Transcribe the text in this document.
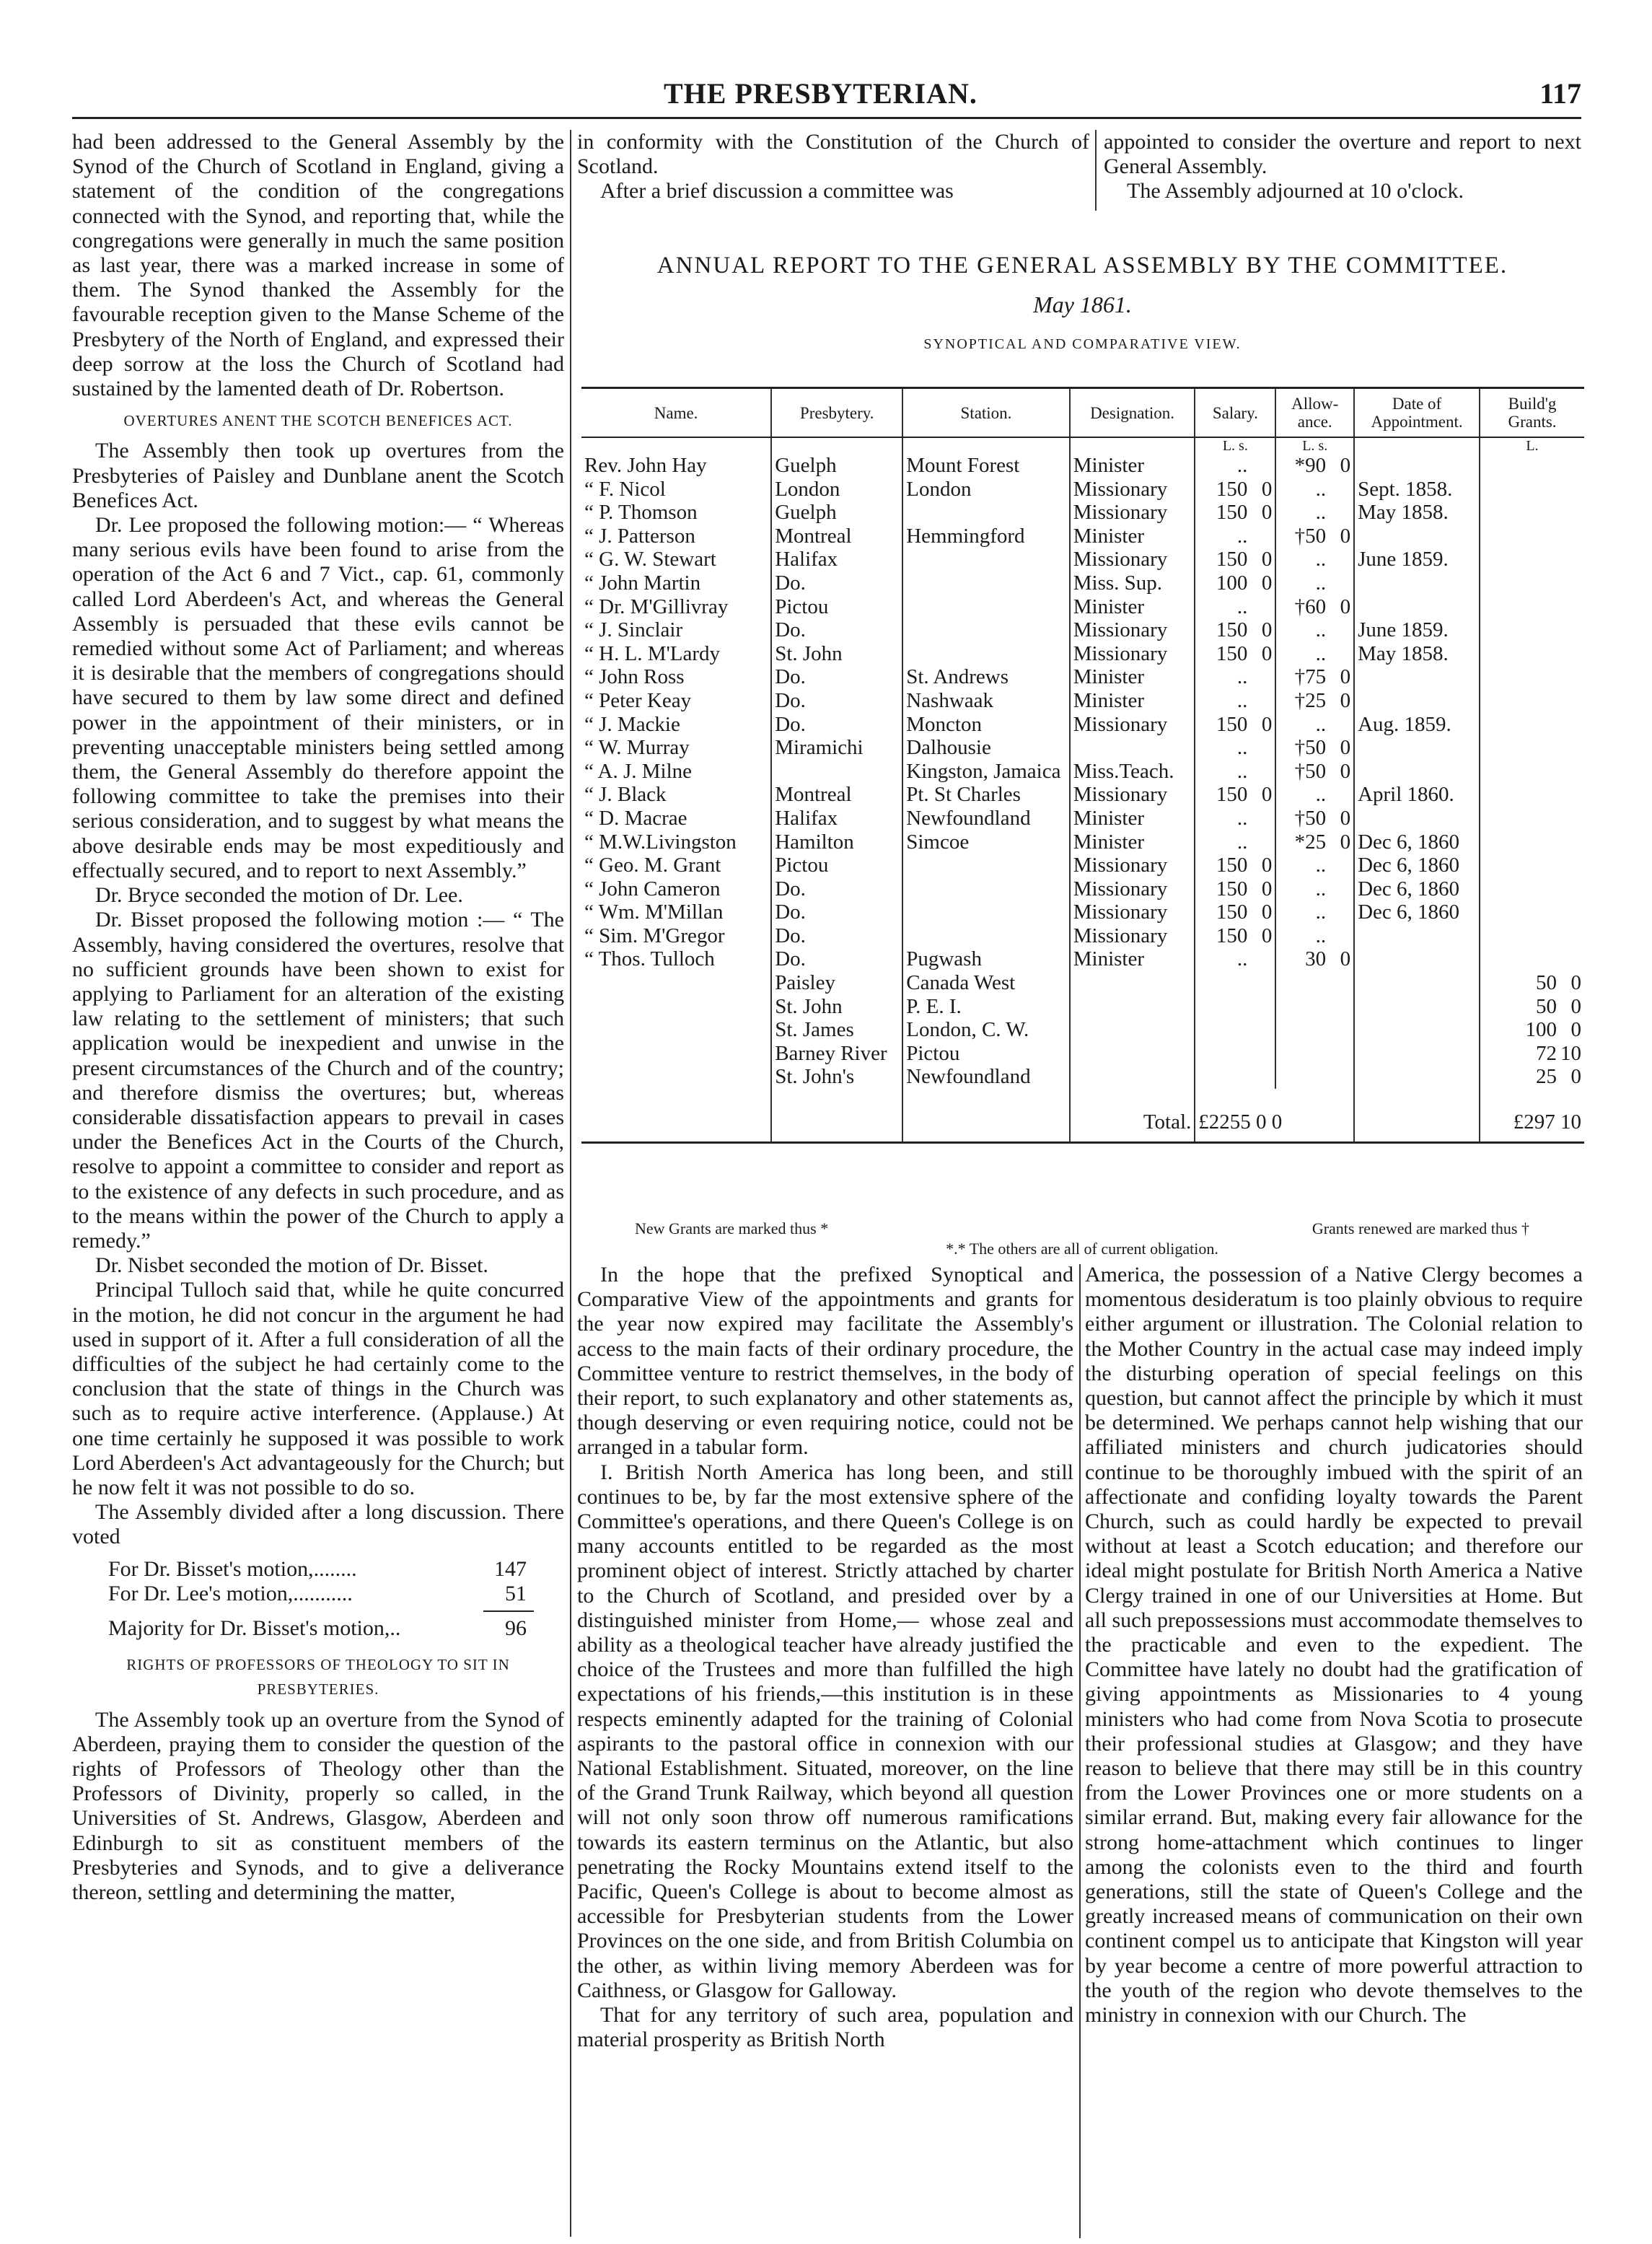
THE PRESBYTERIAN.	117

had been addressed to the General Assembly by the Synod of the Church of Scotland in England, giving a statement of the condition of the congregations connected with the Synod, and reporting that, while the congregations were generally in much the same position as last year, there was a marked increase in some of them. The Synod thanked the Assembly for the favourable reception given to the Manse Scheme of the Presbytery of the North of England, and expressed their deep sorrow at the loss the Church of Scotland had sustained by the lamented death of Dr. Robertson.

OVERTURES ANENT THE SCOTCH BENEFICES ACT.

The Assembly then took up overtures from the Presbyteries of Paisley and Dunblane anent the Scotch Benefices Act.

Dr. Lee proposed the following motion:— “ Whereas many serious evils have been found to arise from the operation of the Act 6 and 7 Vict., cap. 61, commonly called Lord Aberdeen's Act, and whereas the General Assembly is persuaded that these evils cannot be remedied without some Act of Parliament; and whereas it is desirable that the members of congregations should have secured to them by law some direct and defined power in the appointment of their ministers, or in preventing unacceptable ministers being settled among them, the General Assembly do therefore appoint the following committee to take the premises into their serious consideration, and to suggest by what means the above desirable ends may be most expeditiously and effectually secured, and to report to next Assembly.”

Dr. Bryce seconded the motion of Dr. Lee.

Dr. Bisset proposed the following motion :— “ The Assembly, having considered the overtures, resolve that no sufficient grounds have been shown to exist for applying to Parliament for an alteration of the existing law relating to the settlement of ministers; that such application would be inexpedient and unwise in the present circumstances of the Church and of the country; and therefore dismiss the overtures; but, whereas considerable dissatisfaction appears to prevail in cases under the Benefices Act in the Courts of the Church, resolve to appoint a committee to consider and report as to the existence of any defects in such procedure, and as to the means within the power of the Church to apply a remedy.”

Dr. Nisbet seconded the motion of Dr. Bisset.

Principal Tulloch said that, while he quite concurred in the motion, he did not concur in the argument he had used in support of it. After a full consideration of all the difficulties of the subject he had certainly come to the conclusion that the state of things in the Church was such as to require active interference. (Applause.) At one time certainly he supposed it was possible to work Lord Aberdeen's Act advantageously for the Church; but he now felt it was not possible to do so.

The Assembly divided after a long discussion. There voted

For Dr. Bisset's motion,........	147
For Dr. Lee's motion,...........	51
Majority for Dr. Bisset's motion,..	96
RIGHTS OF PROFESSORS OF THEOLOGY TO SIT IN PRESBYTERIES.

The Assembly took up an overture from the Synod of Aberdeen, praying them to consider the question of the rights of Professors of Theology other than the Professors of Divinity, properly so called, in the Universities of St. Andrews, Glasgow, Aberdeen and Edinburgh to sit as constituent members of the Presbyteries and Synods, and to give a deliverance thereon, settling and determining the matter,

in conformity with the Constitution of the Church of Scotland.

After a brief discussion a committee was

appointed to consider the overture and report to next General Assembly.

The Assembly adjourned at 10 o'clock.

ANNUAL REPORT TO THE GENERAL ASSEMBLY BY THE COMMITTEE.
May 1861.
SYNOPTICAL AND COMPARATIVE VIEW.
Name.	Presbytery.	Station.	Designation.	Salary.	Allow-ance.	Date of Appointment.	Build'g Grants.
				L. s.	L. s.		L.
Rev. John Hay	Guelph	Mount Forest	Minister	..	*90 0		
“ F. Nicol	London	London	Missionary	150 0	..	Sept. 1858.	
“ P. Thomson	Guelph		Missionary	150 0	..	May 1858.	
“ J. Patterson	Montreal	Hemmingford	Minister	..	†50 0		
“ G. W. Stewart	Halifax		Missionary	150 0	..	June 1859.	
“ John Martin	Do.		Miss. Sup.	100 0	..		
“ Dr. M'Gillivray	Pictou		Minister	..	†60 0		
“ J. Sinclair	Do.		Missionary	150 0	..	June 1859.	
“ H. L. M'Lardy	St. John		Missionary	150 0	..	May 1858.	
“ John Ross	Do.	St. Andrews	Minister	..	†75 0		
“ Peter Keay	Do.	Nashwaak	Minister	..	†25 0		
“ J. Mackie	Do.	Moncton	Missionary	150 0	..	Aug. 1859.	
“ W. Murray	Miramichi	Dalhousie		..	†50 0		
“ A. J. Milne		Kingston, Jamaica	Miss.Teach.	..	†50 0		
“ J. Black	Montreal	Pt. St Charles	Missionary	150 0	..	April 1860.	
“ D. Macrae	Halifax	Newfoundland	Minister	..	†50 0		
“ M.W.Livingston	Hamilton	Simcoe	Minister	..	*25 0	Dec 6, 1860	
“ Geo. M. Grant	Pictou		Missionary	150 0	..	Dec 6, 1860	
“ John Cameron	Do.		Missionary	150 0	..	Dec 6, 1860	
“ Wm. M'Millan	Do.		Missionary	150 0	..	Dec 6, 1860	
“ Sim. M'Gregor	Do.		Missionary	150 0	..		
“ Thos. Tulloch	Do.	Pugwash	Minister	..	30 0		
	Paisley	Canada West					50 0
	St. John	P. E. I.					50 0
	St. James	London, C. W.					100 0
	Barney River	Pictou					72 10
	St. John's	Newfoundland					25 0
			Total.	£2255 0 0			£297 10
New Grants are marked thus *	Grants renewed are marked thus †
*.* The others are all of current obligation.

In the hope that the prefixed Synoptical and Comparative View of the appointments and grants for the year now expired may facilitate the Assembly's access to the main facts of their ordinary procedure, the Committee venture to restrict themselves, in the body of their report, to such explanatory and other statements as, though deserving or even requiring notice, could not be arranged in a tabular form.

I. British North America has long been, and still continues to be, by far the most extensive sphere of the Committee's operations, and there Queen's College is on many accounts entitled to be regarded as the most prominent object of interest. Strictly attached by charter to the Church of Scotland, and presided over by a distinguished minister from Home,— whose zeal and ability as a theological teacher have already justified the choice of the Trustees and more than fulfilled the high expectations of his friends,—this institution is in these respects eminently adapted for the training of Colonial aspirants to the pastoral office in connexion with our National Establishment. Situated, moreover, on the line of the Grand Trunk Railway, which beyond all question will not only soon throw off numerous ramifications towards its eastern terminus on the Atlantic, but also penetrating the Rocky Mountains extend itself to the Pacific, Queen's College is about to become almost as accessible for Presbyterian students from the Lower Provinces on the one side, and from British Columbia on the other, as within living memory Aberdeen was for Caithness, or Glasgow for Galloway.

That for any territory of such area, population and material prosperity as British North

America, the possession of a Native Clergy becomes a momentous desideratum is too plainly obvious to require either argument or illustration. The Colonial relation to the Mother Country in the actual case may indeed imply the disturbing operation of special feelings on this question, but cannot affect the principle by which it must be determined. We perhaps cannot help wishing that our affiliated ministers and church judicatories should continue to be thoroughly imbued with the spirit of an affectionate and confiding loyalty towards the Parent Church, such as could hardly be expected to prevail without at least a Scotch education; and therefore our ideal might postulate for British North America a Native Clergy trained in one of our Universities at Home. But all such prepossessions must accommodate themselves to the practicable and even to the expedient. The Committee have lately no doubt had the gratification of giving appointments as Missionaries to 4 young ministers who had come from Nova Scotia to prosecute their professional studies at Glasgow; and they have reason to believe that there may still be in this country from the Lower Provinces one or more students on a similar errand. But, making every fair allowance for the strong home-attachment which continues to linger among the colonists even to the third and fourth generations, still the state of Queen's College and the greatly increased means of communication on their own continent compel us to anticipate that Kingston will year by year become a centre of more powerful attraction to the youth of the region who devote themselves to the ministry in connexion with our Church. The
